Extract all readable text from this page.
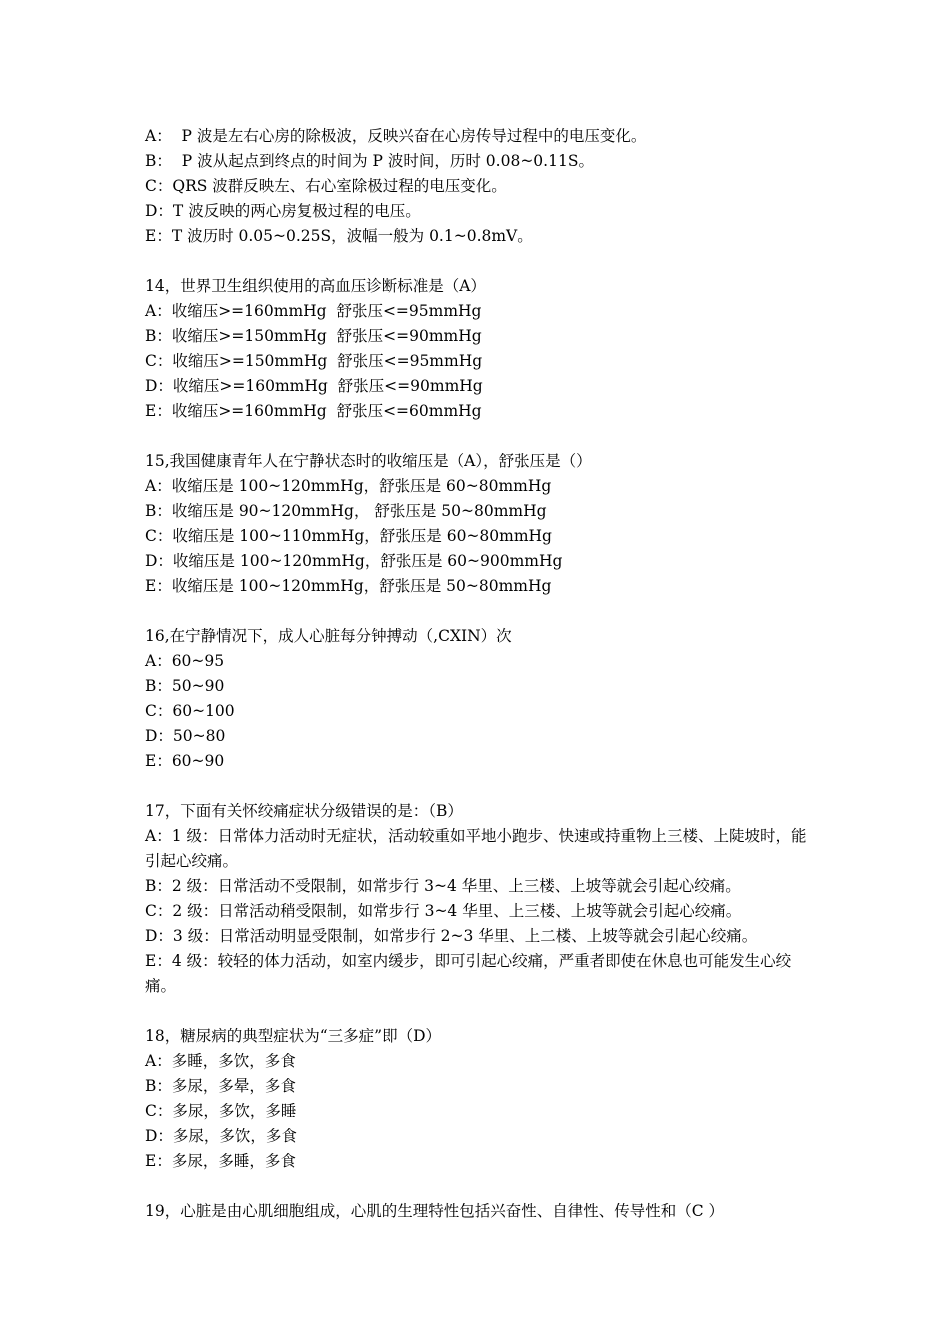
A：  P 波是左右心房的除极波，反映兴奋在心房传导过程中的电压变化。
B：  P 波从起点到终点的时间为 P 波时间，历时 0.08~0.11S。
C：QRS 波群反映左、右心室除极过程的电压变化。
D：T 波反映的两心房复极过程的电压。
E：T 波历时 0.05~0.25S，波幅一般为 0.1~0.8mV。
14，世界卫生组织使用的高血压诊断标准是（A）
A：收缩压>=160mmHg  舒张压<=95mmHg
B：收缩压>=150mmHg  舒张压<=90mmHg
C：收缩压>=150mmHg  舒张压<=95mmHg
D：收缩压>=160mmHg  舒张压<=90mmHg
E：收缩压>=160mmHg  舒张压<=60mmHg
15,我国健康青年人在宁静状态时的收缩压是（A），舒张压是（）
A：收缩压是 100~120mmHg，舒张压是 60~80mmHg
B：收缩压是 90~120mmHg， 舒张压是 50~80mmHg
C：收缩压是 100~110mmHg，舒张压是 60~80mmHg
D：收缩压是 100~120mmHg，舒张压是 60~900mmHg
E：收缩压是 100~120mmHg，舒张压是 50~80mmHg
16,在宁静情况下，成人心脏每分钟搏动（,CXIN）次
A：60~95
B：50~90
C：60~100
D：50~80
E：60~90
17，下面有关怀绞痛症状分级错误的是：（B）
A：1 级：日常体力活动时无症状，活动较重如平地小跑步、快速或持重物上三楼、上陡坡时，能引起心绞痛。
B：2 级：日常活动不受限制，如常步行 3~4 华里、上三楼、上坡等就会引起心绞痛。
C：2 级：日常活动稍受限制，如常步行 3~4 华里、上三楼、上坡等就会引起心绞痛。
D：3 级：日常活动明显受限制，如常步行 2~3 华里、上二楼、上坡等就会引起心绞痛。
E：4 级：较轻的体力活动，如室内缓步，即可引起心绞痛，严重者即使在休息也可能发生心绞痛。
18，糖尿病的典型症状为“三多症”即（D）
A：多睡，多饮，多食
B：多尿，多晕，多食
C：多尿，多饮，多睡
D：多尿，多饮，多食
E：多尿，多睡，多食
19，心脏是由心肌细胞组成，心肌的生理特性包括兴奋性、自律性、传导性和（C ）
